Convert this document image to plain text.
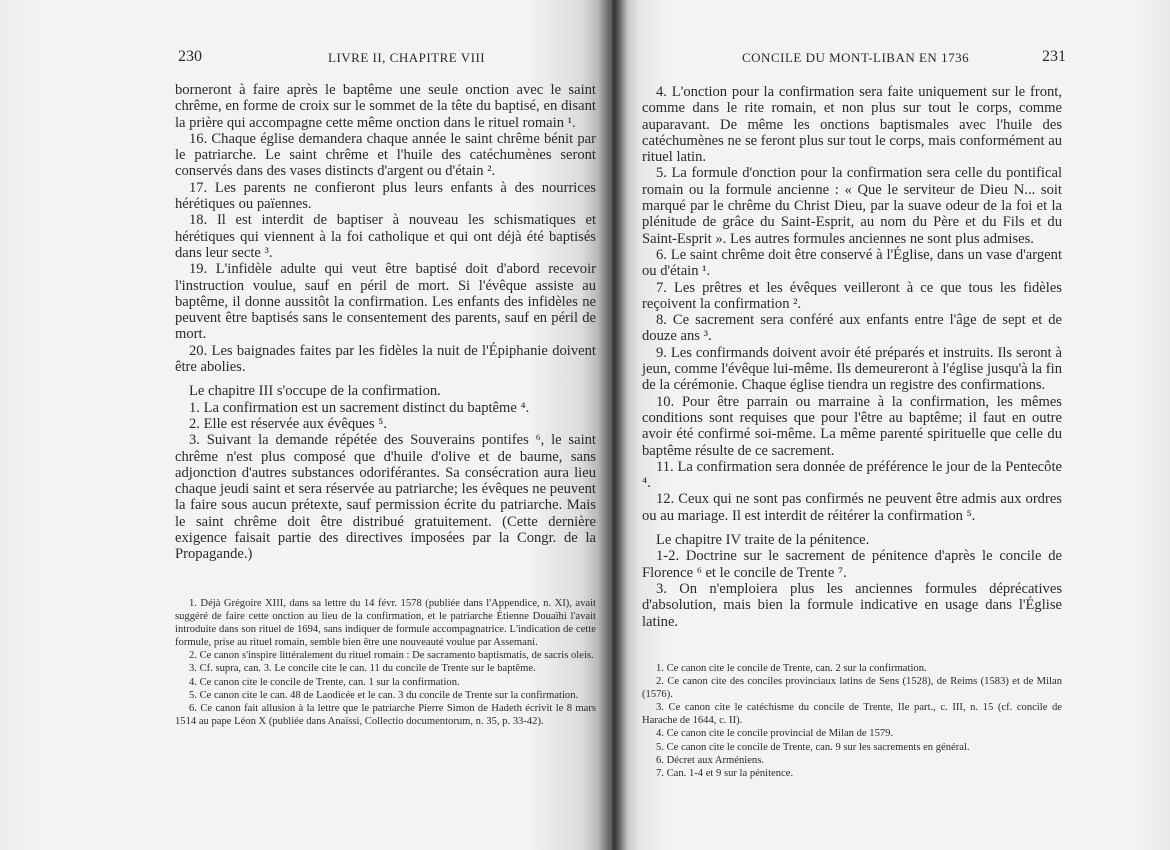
230	LIVRE II, CHAPITRE VIII

borneront à faire après le baptême une seule onction avec le saint chrême, en forme de croix sur le sommet de la tête du baptisé, en disant la prière qui accompagne cette même onction dans le rituel romain ¹.

16. Chaque église demandera chaque année le saint chrême bénit par le patriarche. Le saint chrême et l'huile des catéchumènes seront conservés dans des vases distincts d'argent ou d'étain ².

17. Les parents ne confieront plus leurs enfants à des nourrices hérétiques ou païennes.

18. Il est interdit de baptiser à nouveau les schismatiques et hérétiques qui viennent à la foi catholique et qui ont déjà été baptisés dans leur secte ³.

19. L'infidèle adulte qui veut être baptisé doit d'abord recevoir l'instruction voulue, sauf en péril de mort. Si l'évêque assiste au baptême, il donne aussitôt la confirmation. Les enfants des infidèles ne peuvent être baptisés sans le consentement des parents, sauf en péril de mort.

20. Les baignades faites par les fidèles la nuit de l'Épiphanie doivent être abolies.

Le chapitre III s'occupe de la confirmation.

1. La confirmation est un sacrement distinct du baptême ⁴.

2. Elle est réservée aux évêques ⁵.

3. Suivant la demande répétée des Souverains pontifes ⁶, le saint chrême n'est plus composé que d'huile d'olive et de baume, sans adjonction d'autres substances odoriférantes. Sa consécration aura lieu chaque jeudi saint et sera réservée au patriarche; les évêques ne peuvent la faire sous aucun prétexte, sauf permission écrite du patriarche. Mais le saint chrême doit être distribué gratuitement. (Cette dernière exigence faisait partie des directives imposées par la Congr. de la Propagande.)

1. Déjà Grégoire XIII, dans sa lettre du 14 févr. 1578 (publiée dans l'Appendice, n. XI), avait suggéré de faire cette onction au lieu de la confirmation, et le patriarche Étienne Douaïhi l'avait introduite dans son rituel de 1694, sans indiquer de formule accompagnatrice. L'indication de cette formule, prise au rituel romain, semble bien être une nouveauté voulue par Assemani.

2. Ce canon s'inspire littéralement du rituel romain : De sacramento baptismatis, de sacris oleis.

3. Cf. supra, can. 3. Le concile cite le can. 11 du concile de Trente sur le baptême.

4. Ce canon cite le concile de Trente, can. 1 sur la confirmation.

5. Ce canon cite le can. 48 de Laodicée et le can. 3 du concile de Trente sur la confirmation.

6. Ce canon fait allusion à la lettre que le patriarche Pierre Simon de Hadeth écrivit le 8 mars 1514 au pape Léon X (publiée dans Anaïssi, Collectio documentorum, n. 35, p. 33-42).

CONCILE DU MONT-LIBAN EN 1736	231

4. L'onction pour la confirmation sera faite uniquement sur le front, comme dans le rite romain, et non plus sur tout le corps, comme auparavant. De même les onctions baptismales avec l'huile des catéchumènes ne se feront plus sur tout le corps, mais conformément au rituel latin.

5. La formule d'onction pour la confirmation sera celle du pontifical romain ou la formule ancienne : « Que le serviteur de Dieu N... soit marqué par le chrême du Christ Dieu, par la suave odeur de la foi et la plénitude de grâce du Saint-Esprit, au nom du Père et du Fils et du Saint-Esprit ». Les autres formules anciennes ne sont plus admises.

6. Le saint chrême doit être conservé à l'Église, dans un vase d'argent ou d'étain ¹.

7. Les prêtres et les évêques veilleront à ce que tous les fidèles reçoivent la confirmation ².

8. Ce sacrement sera conféré aux enfants entre l'âge de sept et de douze ans ³.

9. Les confirmands doivent avoir été préparés et instruits. Ils seront à jeun, comme l'évêque lui-même. Ils demeureront à l'église jusqu'à la fin de la cérémonie. Chaque église tiendra un registre des confirmations.

10. Pour être parrain ou marraine à la confirmation, les mêmes conditions sont requises que pour l'être au baptême; il faut en outre avoir été confirmé soi-même. La même parenté spirituelle que celle du baptême résulte de ce sacrement.

11. La confirmation sera donnée de préférence le jour de la Pentecôte ⁴.

12. Ceux qui ne sont pas confirmés ne peuvent être admis aux ordres ou au mariage. Il est interdit de réitérer la confirmation ⁵.

Le chapitre IV traite de la pénitence.

1-2. Doctrine sur le sacrement de pénitence d'après le concile de Florence ⁶ et le concile de Trente ⁷.

3. On n'emploiera plus les anciennes formules déprécatives d'absolution, mais bien la formule indicative en usage dans l'Église latine.

1. Ce canon cite le concile de Trente, can. 2 sur la confirmation.

2. Ce canon cite des conciles provinciaux latins de Sens (1528), de Reims (1583) et de Milan (1576).

3. Ce canon cite le catéchisme du concile de Trente, IIe part., c. III, n. 15 (cf. concile de Harache de 1644, c. II).

4. Ce canon cite le concile provincial de Milan de 1579.

5. Ce canon cite le concile de Trente, can. 9 sur les sacrements en général.

6. Décret aux Arméniens.

7. Can. 1-4 et 9 sur la pénitence.
